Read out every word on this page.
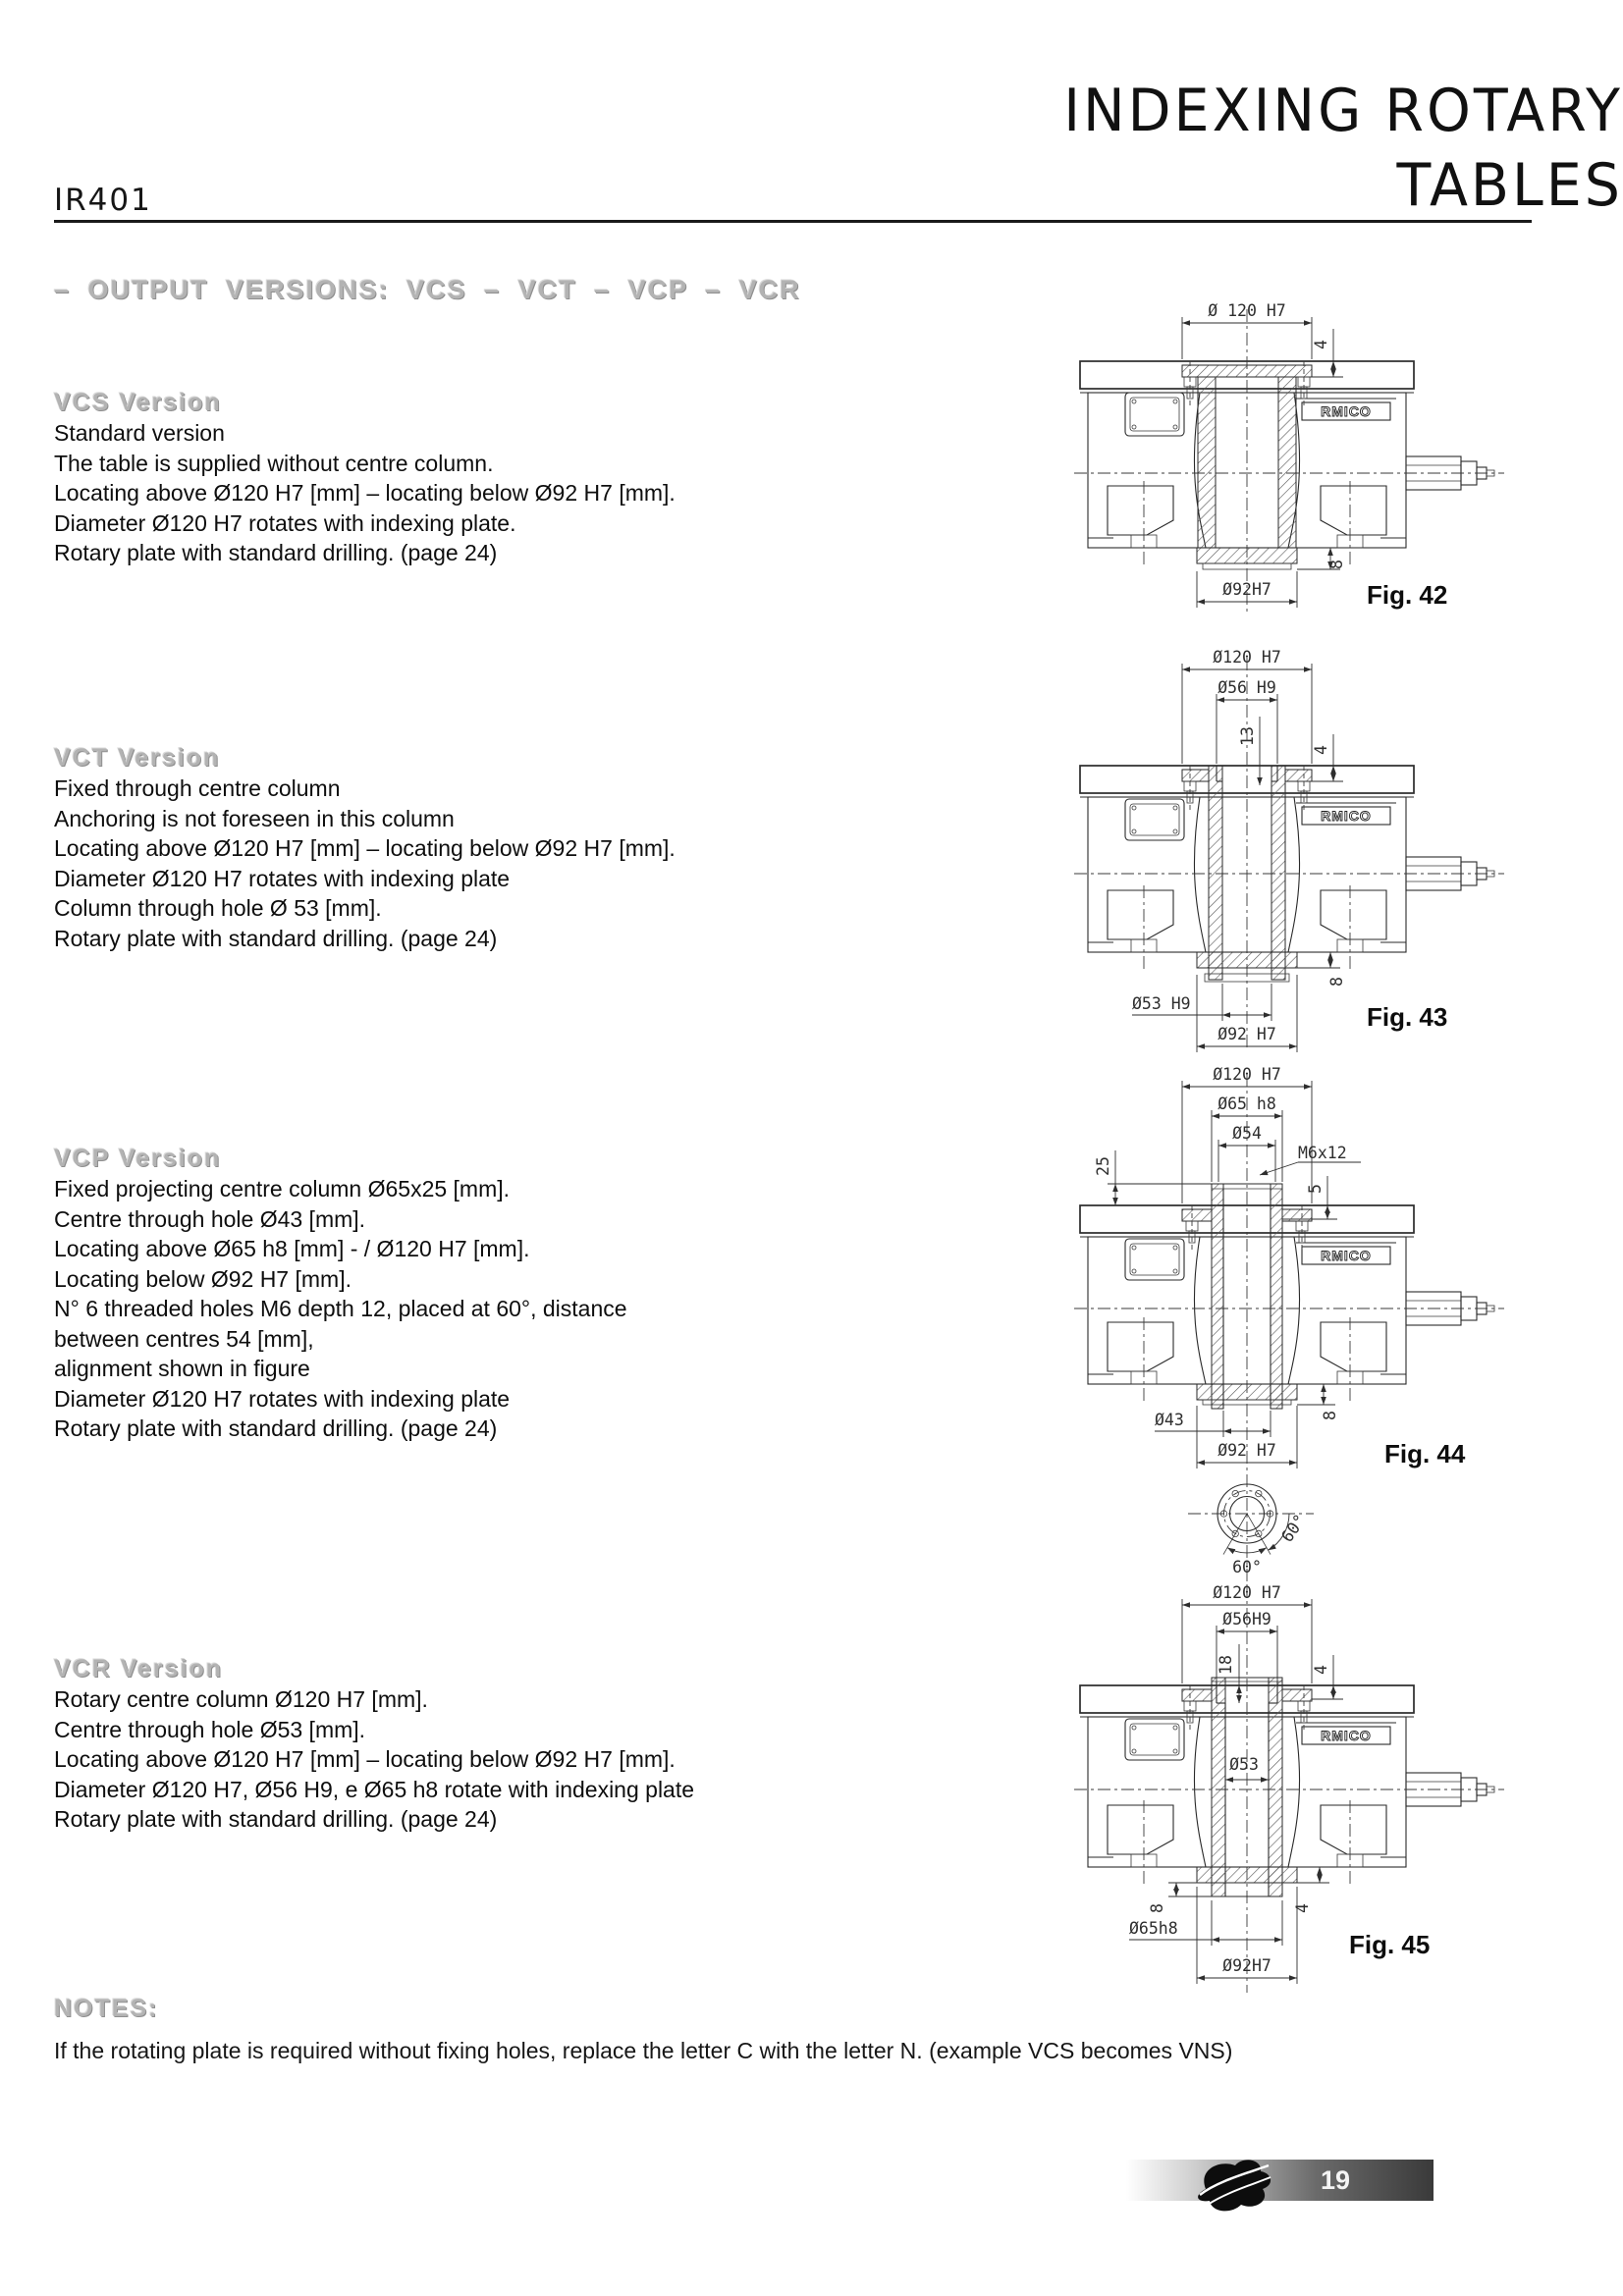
IR401
INDEXING ROTARY
TABLES
– OUTPUT VERSIONS: VCS – VCT – VCP – VCR
VCS Version
Standard version
The table is supplied without centre column.
Locating above Ø120 H7 [mm] – locating below Ø92 H7 [mm].
Diameter Ø120 H7 rotates with indexing plate.
Rotary plate with standard drilling. (page 24)
VCT Version
Fixed through centre column
Anchoring is not foreseen in this column
Locating above Ø120 H7 [mm] – locating below Ø92 H7 [mm].
Diameter Ø120 H7 rotates with indexing plate
Column through hole Ø 53 [mm].
Rotary plate with standard drilling. (page 24)
VCP Version
Fixed projecting centre column Ø65x25 [mm].
Centre through hole Ø43 [mm].
Locating above Ø65 h8 [mm] - / Ø120 H7 [mm].
Locating below Ø92 H7 [mm].
N° 6 threaded holes M6 depth 12, placed at 60°, distance between centres 54 [mm],
alignment shown in figure
Diameter Ø120 H7 rotates with indexing plate
Rotary plate with standard drilling. (page 24)
VCR Version
Rotary centre column Ø120 H7 [mm].
Centre through hole Ø53 [mm].
Locating above Ø120 H7 [mm] – locating below Ø92 H7 [mm].
Diameter Ø120 H7, Ø56 H9, e Ø65 h8 rotate with indexing plate
Rotary plate with standard drilling. (page 24)
NOTES:
If the rotating plate is required without fixing holes, replace the letter C with the letter N. (example VCS becomes VNS)
Ø 120 H7
4
RMICO
Ø92H7
8
Fig. 42
Ø120 H7
Ø56 H9
13
4
RMICO
Ø53 H9
Ø92 H7
8
Fig. 43
Ø120 H7
Ø65 h8
Ø54
M6x12
25
5
RMICO
Ø43	8
Ø92 H7	Fig. 44
60°
60°
Ø120 H7
Ø56H9
18	4
RMICO
Ø53
8	4
Ø65h8
Ø92H7
Fig. 45
19
